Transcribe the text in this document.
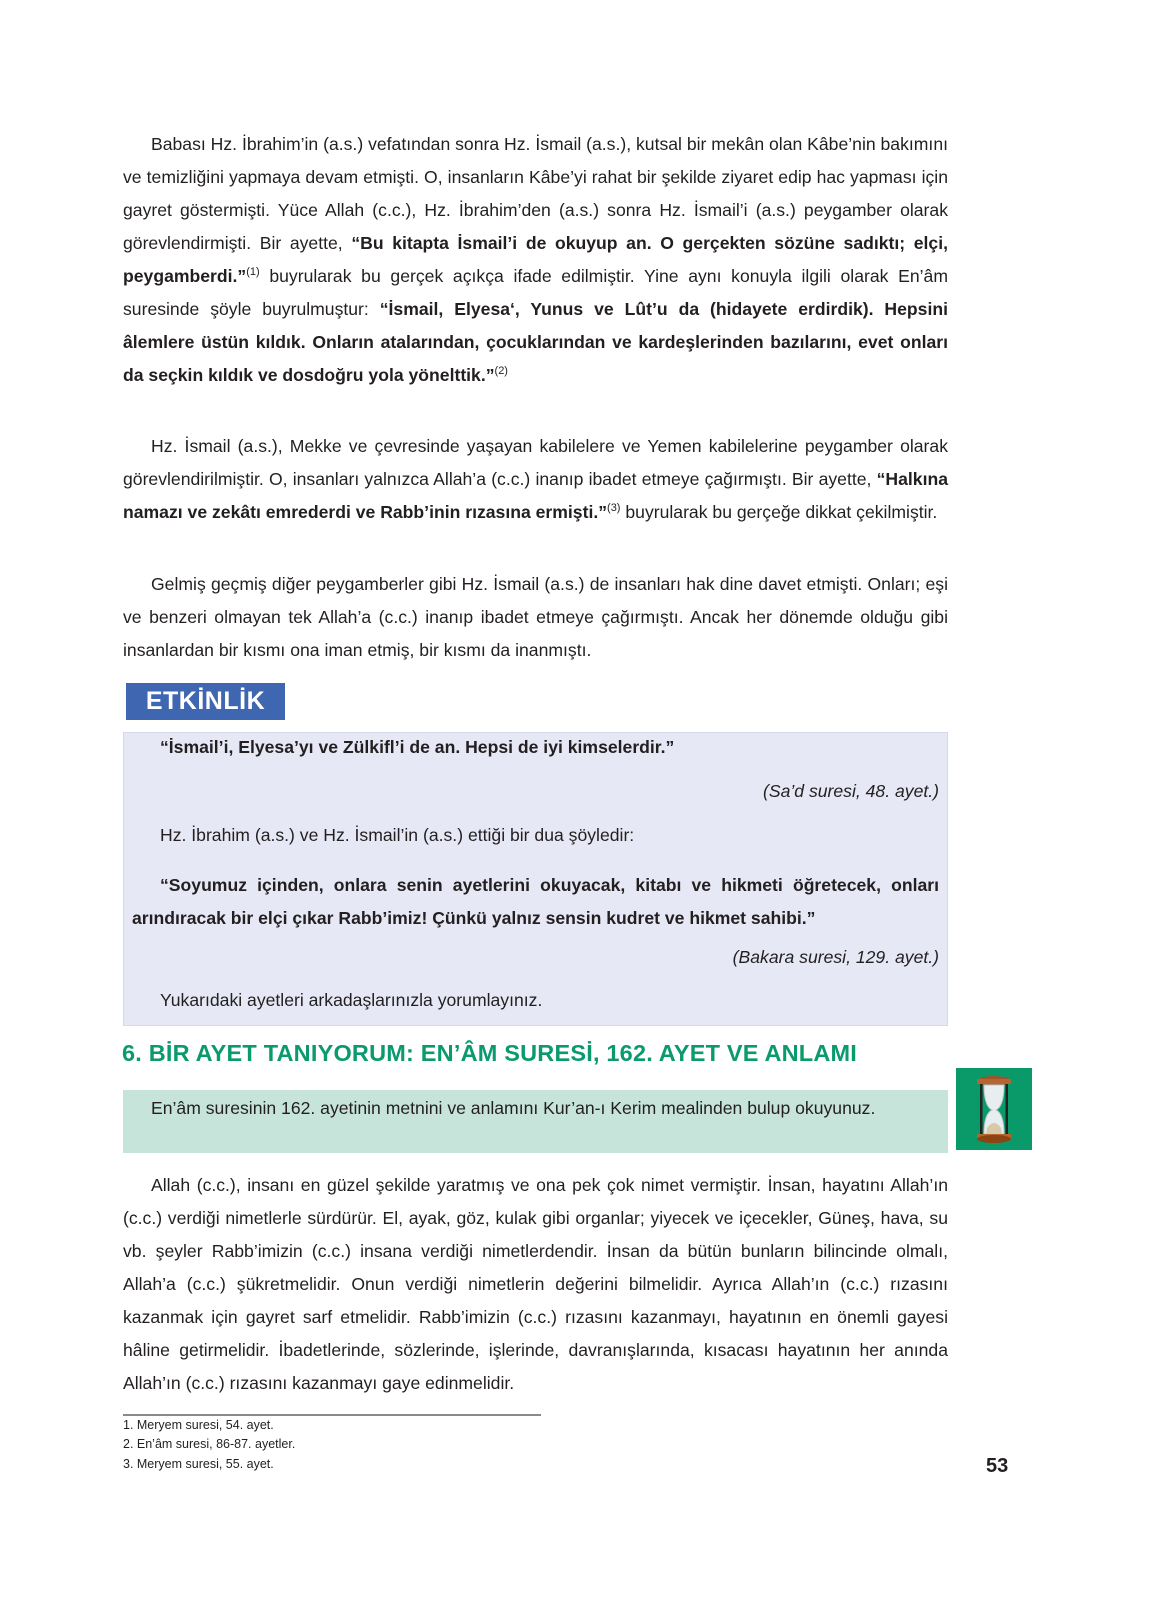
Babası Hz. İbrahim’in (a.s.) vefatından sonra Hz. İsmail (a.s.), kutsal bir mekân olan Kâbe’nin bakımını ve temizliğini yapmaya devam etmişti. O, insanların Kâbe’yi rahat bir şekilde ziyaret edip hac yapması için gayret göstermişti. Yüce Allah (c.c.), Hz. İbrahim’den (a.s.) sonra Hz. İsmail’i (a.s.) peygamber olarak görevlendirmişti. Bir ayette, “Bu kitapta İsmail’i de okuyup an. O gerçekten sözüne sadıktı; elçi, peygamberdi.”$^{(1)}$ buyrularak bu gerçek açıkça ifade edilmiştir. Yine aynı konuyla ilgili olarak En’âm suresinde şöyle buyrulmuştur: “İsmail, Elyesa‘, Yunus ve Lût’u da (hidayete erdirdik). Hepsini âlemlere üstün kıldık. Onların atalarından, çocuklarından ve kardeşlerinden bazılarını, evet onları da seçkin kıldık ve dosdoğru yola yönelttik.”$^{(2)}$

Hz. İsmail (a.s.), Mekke ve çevresinde yaşayan kabilelere ve Yemen kabilelerine peygamber olarak görevlendirilmiştir. O, insanları yalnızca Allah’a (c.c.) inanıp ibadet etmeye çağırmıştı. Bir ayette, “Halkına namazı ve zekâtı emrederdi ve Rabb’inin rızasına ermişti.”$^{(3)}$ buyrularak bu gerçeğe dikkat çekilmiştir.

Gelmiş geçmiş diğer peygamberler gibi Hz. İsmail (a.s.) de insanları hak dine davet etmişti. Onları; eşi ve benzeri olmayan tek Allah’a (c.c.) inanıp ibadet etmeye çağırmıştı. Ancak her dönemde olduğu gibi insanlardan bir kısmı ona iman etmiş, bir kısmı da inanmıştı.

ETKİNLİK
“İsmail’i, Elyesa’yı ve Zülkifl’i de an. Hepsi de iyi kimselerdir.”
(Sa’d suresi, 48. ayet.)
Hz. İbrahim (a.s.) ve Hz. İsmail’in (a.s.) ettiği bir dua şöyledir:
“Soyumuz içinden, onlara senin ayetlerini okuyacak, kitabı ve hikmeti öğretecek, onları arındıracak bir elçi çıkar Rabb’imiz! Çünkü yalnız sensin kudret ve hikmet sahibi.”
(Bakara suresi, 129. ayet.)
Yukarıdaki ayetleri arkadaşlarınızla yorumlayınız.
6. BİR AYET TANIYORUM: EN’ÂM SURESİ, 162. AYET VE ANLAMI

En’âm suresinin 162. ayetinin metnini ve anlamını Kur’an-ı Kerim mealinden bulup okuyunuz.

Allah (c.c.), insanı en güzel şekilde yaratmış ve ona pek çok nimet vermiştir. İnsan, hayatını Allah’ın (c.c.) verdiği nimetlerle sürdürür. El, ayak, göz, kulak gibi organlar; yiyecek ve içecekler, Güneş, hava, su vb. şeyler Rabb’imizin (c.c.) insana verdiği nimetlerdendir. İnsan da bütün bunların bilincinde olmalı, Allah’a (c.c.) şükretmelidir. Onun verdiği nimetlerin değerini bilmelidir. Ayrıca Allah’ın (c.c.) rızasını kazanmak için gayret sarf etmelidir. Rabb’imizin (c.c.) rızasını kazanmayı, hayatının en önemli gayesi hâline getirmelidir. İbadetlerinde, sözlerinde, işlerinde, davranışlarında, kısacası hayatının her anında Allah’ın (c.c.) rızasını kazanmayı gaye edinmelidir.

1. Meryem suresi, 54. ayet.
2. En’âm suresi, 86-87. ayetler.
3. Meryem suresi, 55. ayet.	53
